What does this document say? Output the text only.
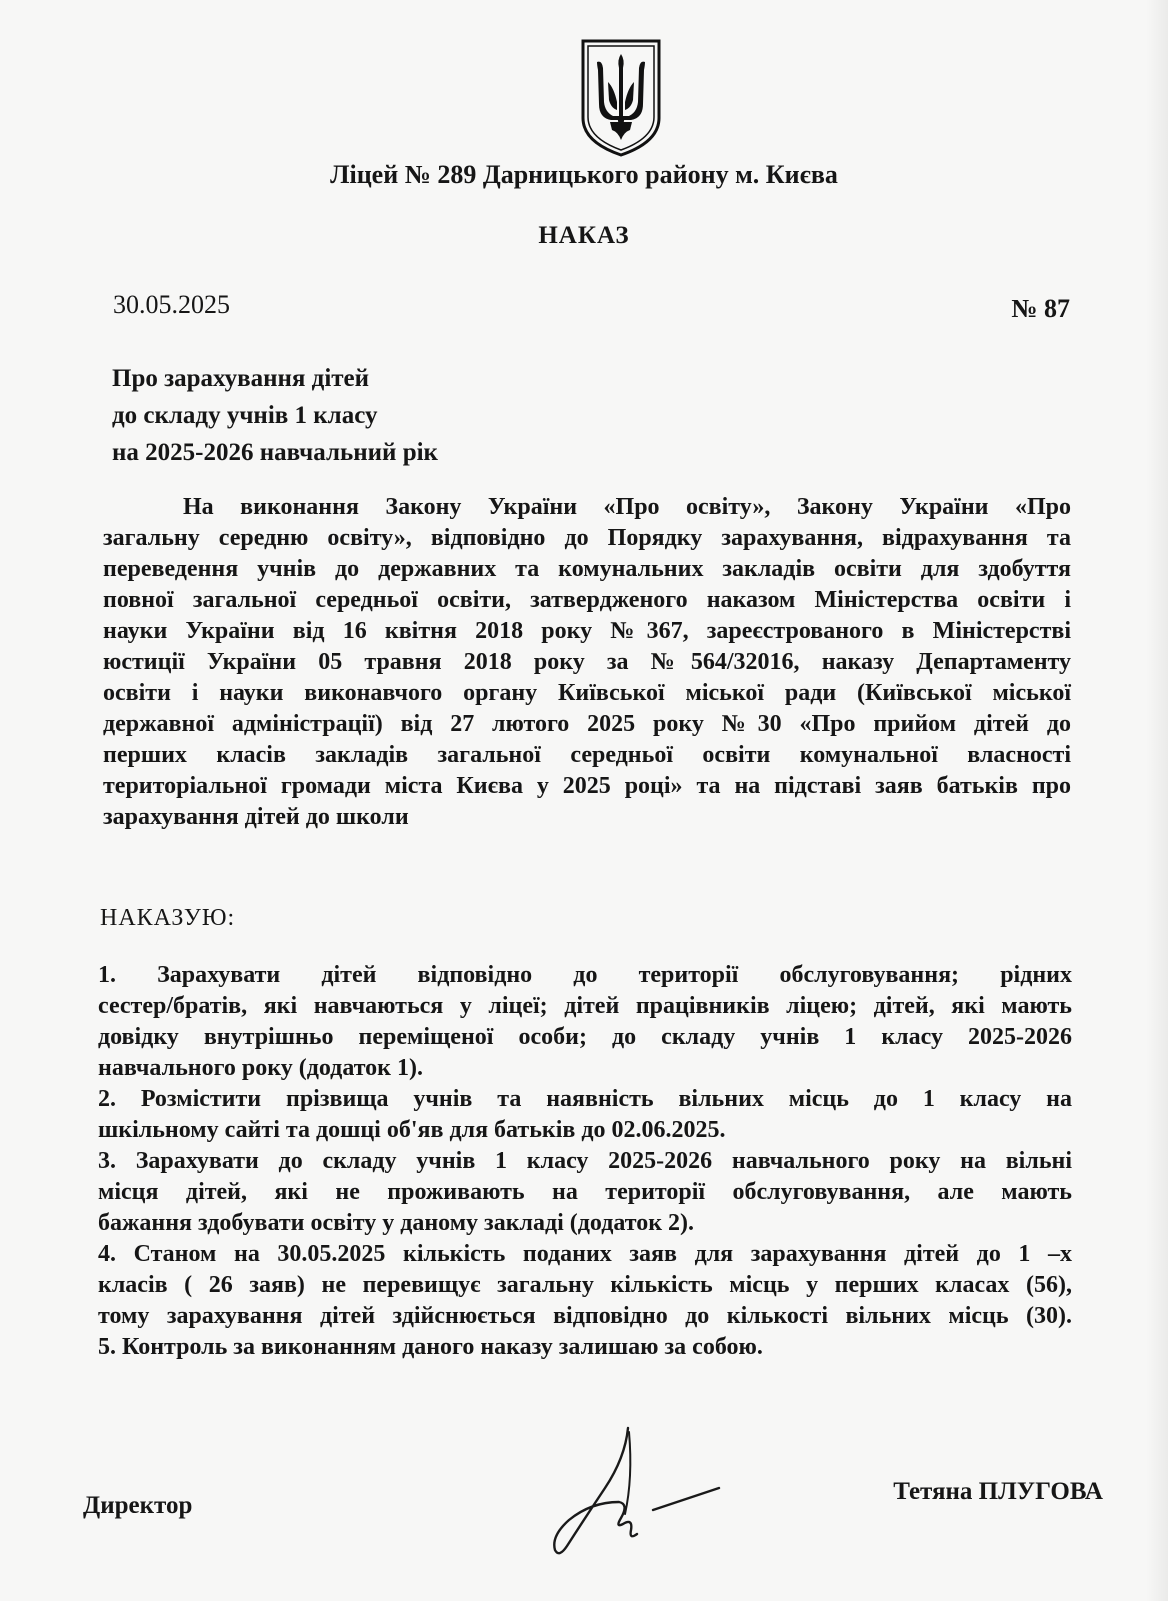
Ліцей № 289 Дарницького району м. Києва
НАКАЗ
30.05.2025	№ 87
Про зарахування дітей
до складу учнів 1 класу
на 2025-2026 навчальний рік
На виконання Закону України «Про освіту», Закону України «Про
загальну середню освіту», відповідно до Порядку зарахування, відрахування та
переведення учнів до державних та комунальних закладів освіти для здобуття
повної загальної середньої освіти, затвердженого наказом Міністерства освіти і
науки України від 16 квітня 2018 року №367, зареєстрованого в Міністерстві
юстиції України 05 травня 2018 року за №564/32016, наказу Департаменту
освіти і науки виконавчого органу Київської міської ради (Київської міської
державної адміністрації) від 27 лютого 2025 року №30 «Про прийом дітей до
перших класів закладів загальної середньої освіти комунальної власності
територіальної громади міста Києва у 2025 році» та на підставі заяв батьків про
зарахування дітей до школи
НАКАЗУЮ:
1. Зарахувати дітей відповідно до території обслуговування; рідних
сестер/братів, які навчаються у ліцеї; дітей працівників ліцею; дітей, які мають
довідку внутрішньо переміщеної особи; до складу учнів 1 класу 2025-2026
навчального року (додаток 1).
2. Розмістити прізвища учнів та наявність вільних місць до 1 класу на
шкільному сайті та дошці об'яв для батьків до 02.06.2025.
3. Зарахувати до складу учнів 1 класу 2025-2026 навчального року на вільні
місця дітей, які не проживають на території обслуговування, але мають
бажання здобувати освіту у даному закладі (додаток 2).
4. Станом на 30.05.2025 кількість поданих заяв для зарахування дітей до 1 –х
класів ( 26 заяв) не перевищує загальну кількість місць у перших класах (56),
тому зарахування дітей здійснюється відповідно до кількості вільних місць (30).
5. Контроль за виконанням даного наказу залишаю за собою.
Директор
Тетяна ПЛУГОВА
